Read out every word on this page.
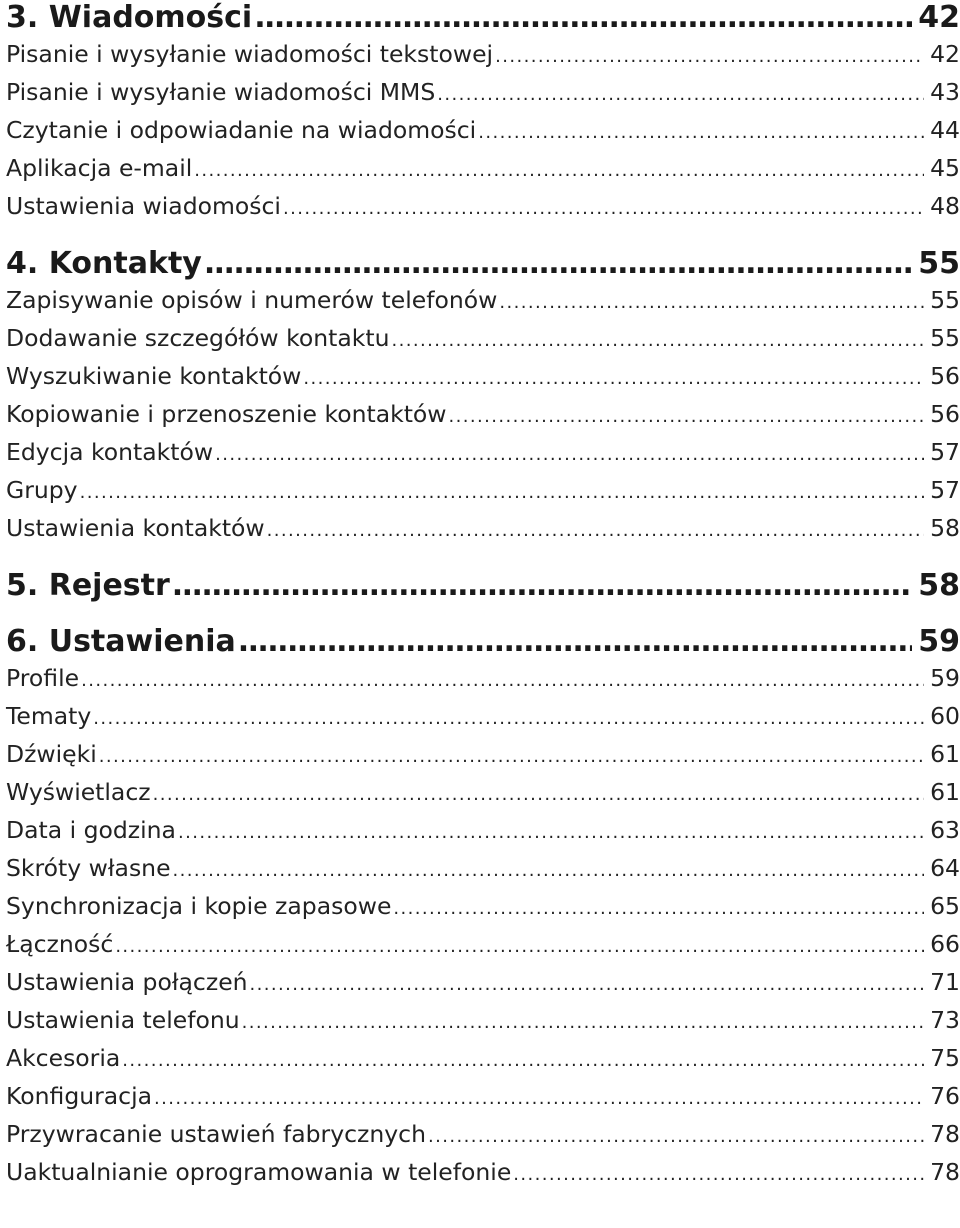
3. Wiadomości . . .	42
Pisanie i wysyłanie wiadomości tekstowej . . .	42
Pisanie i wysyłanie wiadomości MMS . . .	43
Czytanie i odpowiadanie na wiadomości . . .	44
Aplikacja e-mail . . .	45
Ustawienia wiadomości . . .	48
4. Kontakty . . .	55
Zapisywanie opisów i numerów telefonów . . .	55
Dodawanie szczegółów kontaktu . . .	55
Wyszukiwanie kontaktów . . .	56
Kopiowanie i przenoszenie kontaktów . . .	56
Edycja kontaktów . . .	57
Grupy . . .	57
Ustawienia kontaktów . . .	58
5. Rejestr . . .	58
6. Ustawienia . . .	59
Profile . . .	59
Tematy . . .	60
Dźwięki . . .	61
Wyświetlacz . . .	61
Data i godzina . . .	63
Skróty własne . . .	64
Synchronizacja i kopie zapasowe . . .	65
Łączność . . .	66
Ustawienia połączeń . . .	71
Ustawienia telefonu . . .	73
Akcesoria . . .	75
Konfiguracja . . .	76
Przywracanie ustawień fabrycznych . . .	78
Uaktualnianie oprogramowania w telefonie . . .	78
